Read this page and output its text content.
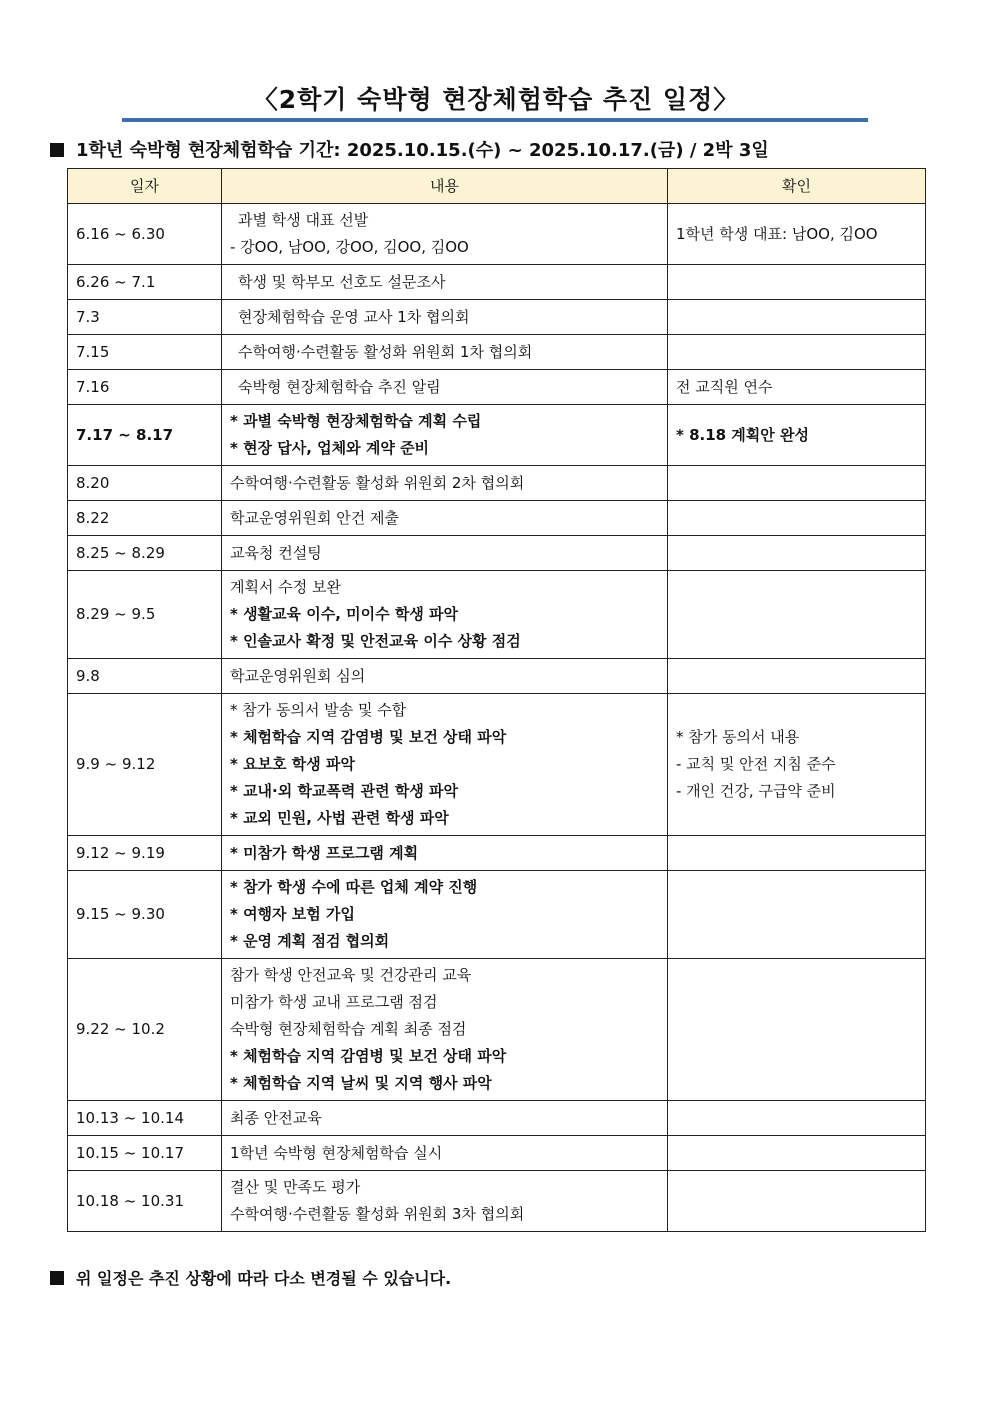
〈2학기 숙박형 현장체험학습 추진 일정〉
1학년 숙박형 현장체험학습 기간: 2025.10.15.(수) ~ 2025.10.17.(금) / 2박 3일
일자	내용	확인
6.16 ~ 6.30	과별 학생 대표 선발
- 강OO, 남OO, 강OO, 김OO, 김OO	1학년 학생 대표: 남OO, 김OO

6.26 ~ 7.1	학생 및 학부모 선호도 설문조사	

7.3	현장체험학습 운영 교사 1차 협의회	

7.15	수학여행·수련활동 활성화 위원회 1차 협의회	

7.16	숙박형 현장체험학습 추진 알림	전 교직원 연수

7.17 ~ 8.17	* 과별 숙박형 현장체험학습 계획 수립
* 현장 답사, 업체와 계약 준비	* 8.18 계획안 완성

8.20	수학여행·수련활동 활성화 위원회 2차 협의회	

8.22	학교운영위원회 안건 제출	

8.25 ~ 8.29	교육청 컨설팅	

8.29 ~ 9.5	계획서 수정 보완
* 생활교육 이수, 미이수 학생 파악
* 인솔교사 확정 및 안전교육 이수 상황 점검	

9.8	학교운영위원회 심의	

9.9 ~ 9.12	* 참가 동의서 발송 및 수합
* 체험학습 지역 감염병 및 보건 상태 파악
* 요보호 학생 파악
* 교내·외 학교폭력 관련 학생 파악
* 교외 민원, 사법 관련 학생 파악	* 참가 동의서 내용
- 교칙 및 안전 지침 준수
- 개인 건강, 구급약 준비

9.12 ~ 9.19	* 미참가 학생 프로그램 계획	

9.15 ~ 9.30	* 참가 학생 수에 따른 업체 계약 진행
* 여행자 보험 가입
* 운영 계획 점검 협의회	

9.22 ~ 10.2	참가 학생 안전교육 및 건강관리 교육
미참가 학생 교내 프로그램 점검
숙박형 현장체험학습 계획 최종 점검
* 체험학습 지역 감염병 및 보건 상태 파악
* 체험학습 지역 날씨 및 지역 행사 파악	

10.13 ~ 10.14	최종 안전교육	

10.15 ~ 10.17	1학년 숙박형 현장체험학습 실시	

10.18 ~ 10.31	결산 및 만족도 평가
수학여행·수련활동 활성화 위원회 3차 협의회	

위 일정은 추진 상황에 따라 다소 변경될 수 있습니다.
